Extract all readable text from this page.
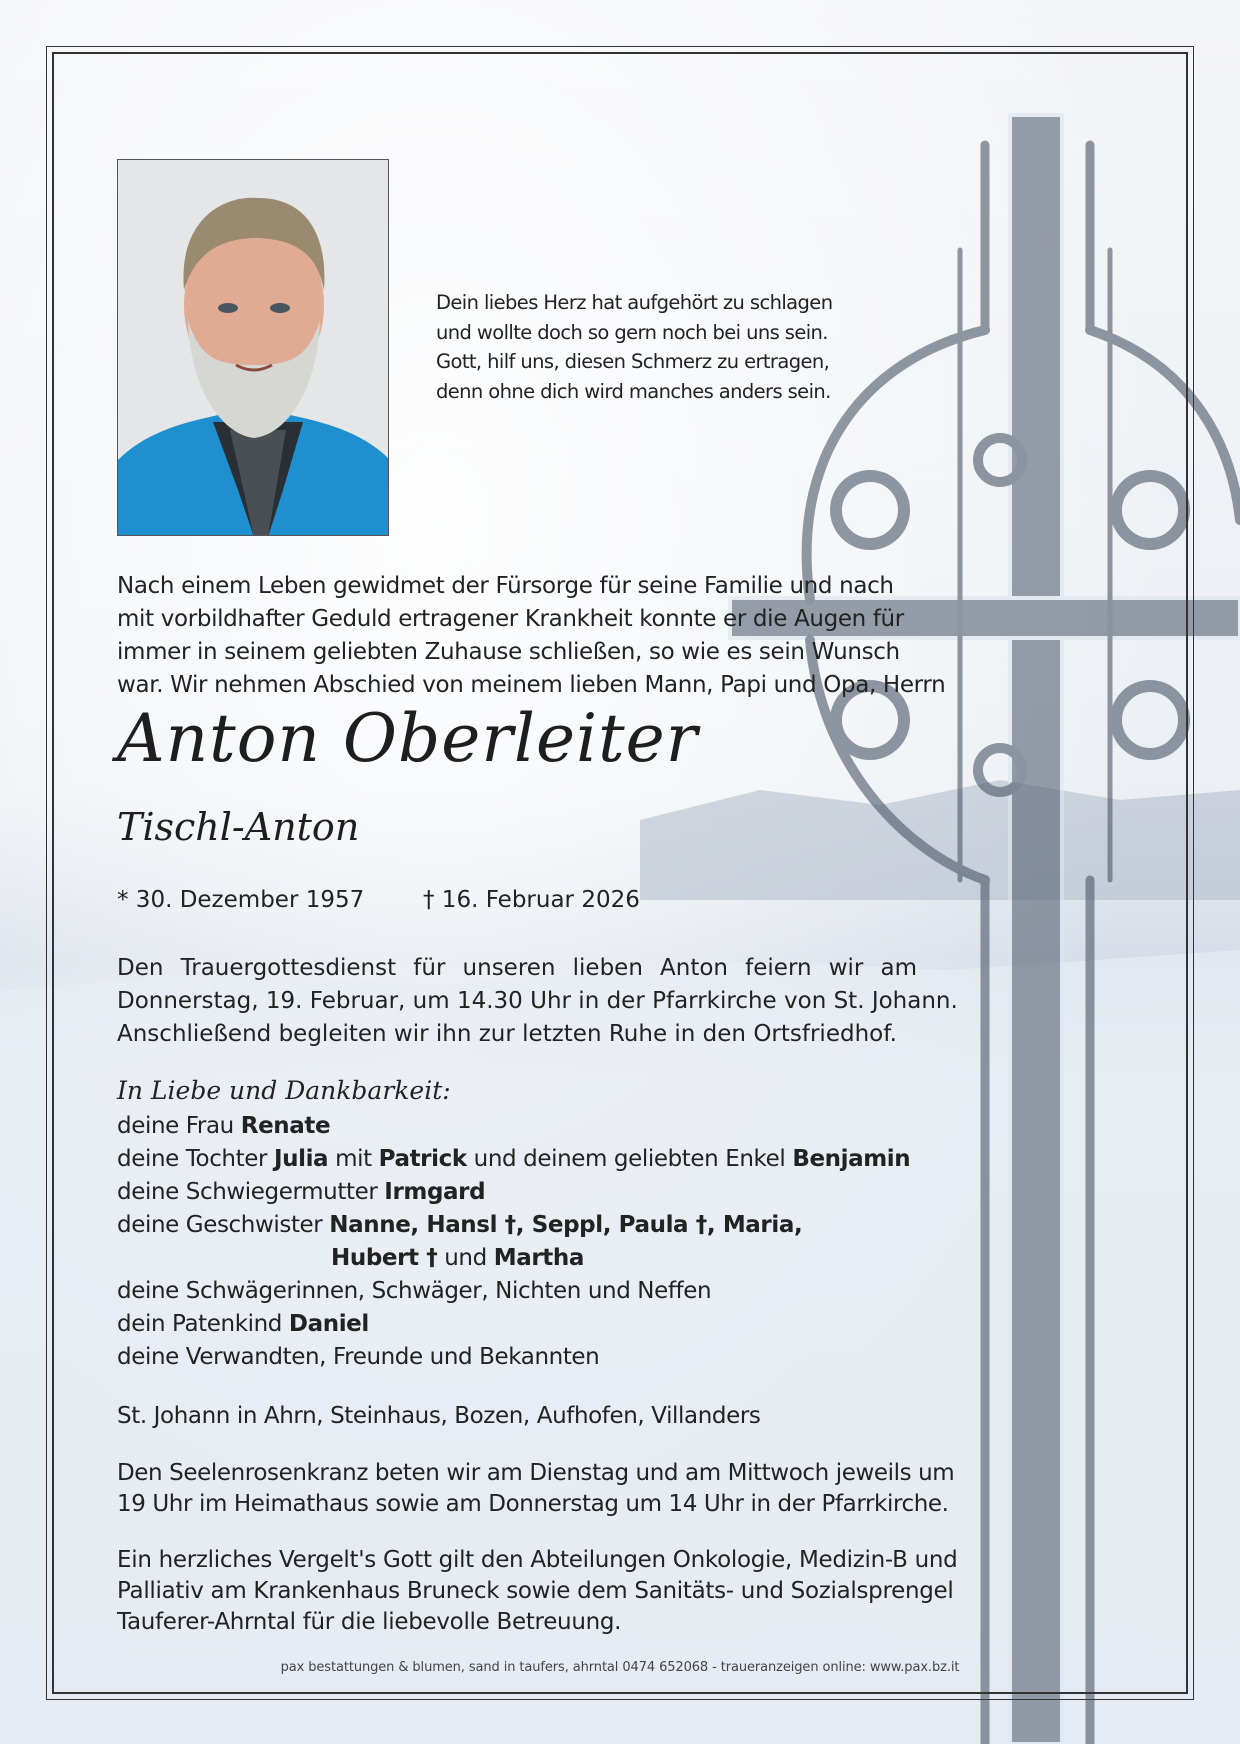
Dein liebes Herz hat aufgehört zu schlagen
und wollte doch so gern noch bei uns sein.
Gott, hilf uns, diesen Schmerz zu ertragen,
denn ohne dich wird manches anders sein.
Nach einem Leben gewidmet der Fürsorge für seine Familie und nach
mit vorbildhafter Geduld ertragener Krankheit konnte er die Augen für
immer in seinem geliebten Zuhause schließen, so wie es sein Wunsch
war. Wir nehmen Abschied von meinem lieben Mann, Papi und Opa, Herrn
Anton Oberleiter
Tischl-Anton
* 30. Dezember 1957	† 16. Februar 2026
Den Trauergottesdienst für unseren lieben Anton feiern wir am
Donnerstag, 19. Februar, um 14.30 Uhr in der Pfarrkirche von St. Johann.
Anschließend begleiten wir ihn zur letzten Ruhe in den Ortsfriedhof.
In Liebe und Dankbarkeit:
deine Frau Renate
deine Tochter Julia mit Patrick und deinem geliebten Enkel Benjamin
deine Schwiegermutter Irmgard
deine Geschwister Nanne, Hansl †, Seppl, Paula †, Maria,
Hubert † und Martha
deine Schwägerinnen, Schwäger, Nichten und Neffen
dein Patenkind Daniel
deine Verwandten, Freunde und Bekannten
St. Johann in Ahrn, Steinhaus, Bozen, Aufhofen, Villanders
Den Seelenrosenkranz beten wir am Dienstag und am Mittwoch jeweils um
19 Uhr im Heimathaus sowie am Donnerstag um 14 Uhr in der Pfarrkirche.
Ein herzliches Vergelt's Gott gilt den Abteilungen Onkologie, Medizin-B und
Palliativ am Krankenhaus Bruneck sowie dem Sanitäts- und Sozialsprengel
Tauferer-Ahrntal für die liebevolle Betreuung.
pax bestattungen & blumen, sand in taufers, ahrntal 0474 652068 - traueranzeigen online: www.pax.bz.it
